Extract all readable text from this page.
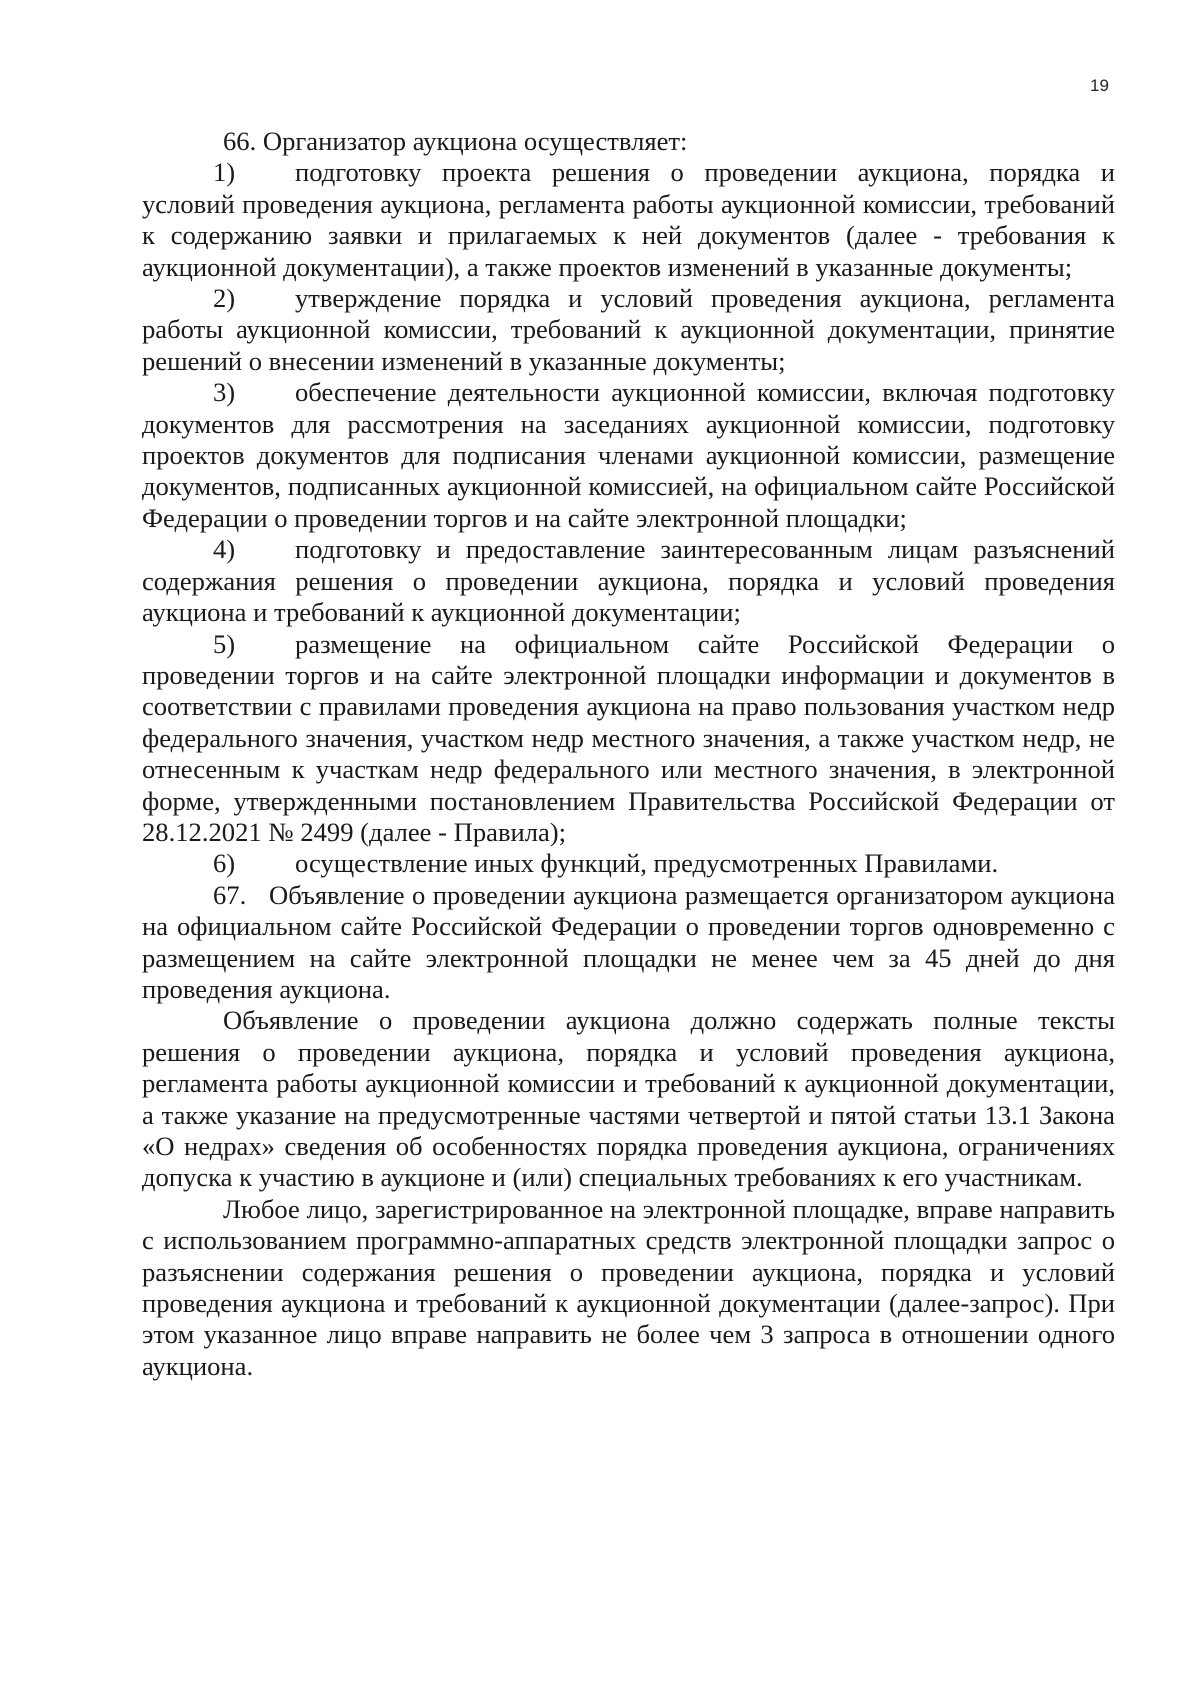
19

66. Организатор аукциона осуществляет:

1) подготовку проекта решения о проведении аукциона, порядка и условий проведения аукциона, регламента работы аукционной комиссии, требований к содержанию заявки и прилагаемых к ней документов (далее - требования к аукционной документации), а также проектов изменений в указанные документы;

2) утверждение порядка и условий проведения аукциона, регламента работы аукционной комиссии, требований к аукционной документации, принятие решений о внесении изменений в указанные документы;

3) обеспечение деятельности аукционной комиссии, включая подготовку документов для рассмотрения на заседаниях аукционной комиссии, подготовку проектов документов для подписания членами аукционной комиссии, размещение документов, подписанных аукционной комиссией, на официальном сайте Российской Федерации о проведении торгов и на сайте электронной площадки;

4) подготовку и предоставление заинтересованным лицам разъяснений содержания решения о проведении аукциона, порядка и условий проведения аукциона и требований к аукционной документации;

5) размещение на официальном сайте Российской Федерации о проведении торгов и на сайте электронной площадки информации и документов в соответствии с правилами проведения аукциона на право пользования участком недр федерального значения, участком недр местного значения, а также участком недр, не отнесенным к участкам недр федерального или местного значения, в электронной форме, утвержденными постановлением Правительства Российской Федерации от 28.12.2021 № 2499 (далее - Правила);

6) осуществление иных функций, предусмотренных Правилами.

67. Объявление о проведении аукциона размещается организатором аукциона на официальном сайте Российской Федерации о проведении торгов одновременно с размещением на сайте электронной площадки не менее чем за 45 дней до дня проведения аукциона.

Объявление о проведении аукциона должно содержать полные тексты решения о проведении аукциона, порядка и условий проведения аукциона, регламента работы аукционной комиссии и требований к аукционной документации, а также указание на предусмотренные частями четвертой и пятой статьи 13.1 Закона «О недрах» сведения об особенностях порядка проведения аукциона, ограничениях допуска к участию в аукционе и (или) специальных требованиях к его участникам.

Любое лицо, зарегистрированное на электронной площадке, вправе направить с использованием программно-аппаратных средств электронной площадки запрос о разъяснении содержания решения о проведении аукциона, порядка и условий проведения аукциона и требований к аукционной документации (далее-запрос). При этом указанное лицо вправе направить не более чем 3 запроса в отношении одного аукциона.
